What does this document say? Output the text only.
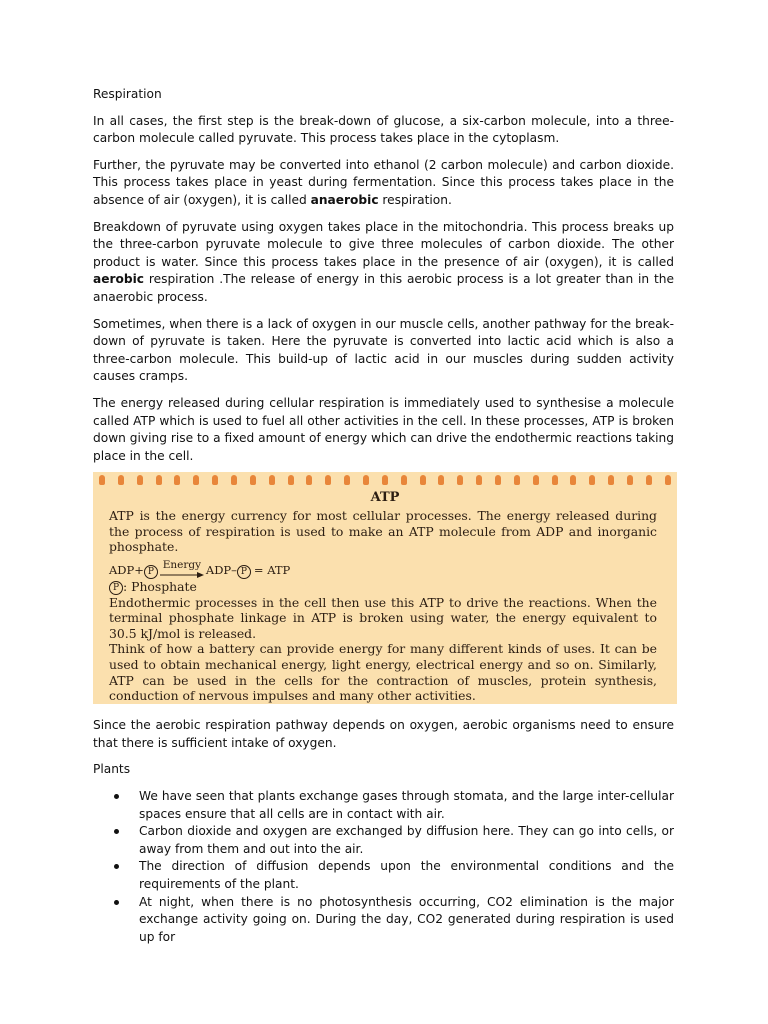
Respiration

In all cases, the first step is the break-down of glucose, a six-carbon molecule, into a three-carbon molecule called pyruvate. This process takes place in the cytoplasm.

Further, the pyruvate may be converted into ethanol (2 carbon molecule) and carbon dioxide. This process takes place in yeast during fermentation. Since this process takes place in the absence of air (oxygen), it is called anaerobic respiration.

Breakdown of pyruvate using oxygen takes place in the mitochondria. This process breaks up the three-carbon pyruvate molecule to give three molecules of carbon dioxide. The other product is water. Since this process takes place in the presence of air (oxygen), it is called aerobic respiration .The release of energy in this aerobic process is a lot greater than in the anaerobic process.

Sometimes, when there is a lack of oxygen in our muscle cells, another pathway for the break-down of pyruvate is taken. Here the pyruvate is converted into lactic acid which is also a three-carbon molecule. This build-up of lactic acid in our muscles during sudden activity causes cramps.

The energy released during cellular respiration is immediately used to synthesise a molecule called ATP which is used to fuel all other activities in the cell. In these processes, ATP is broken down giving rise to a fixed amount of energy which can drive the endothermic reactions taking place in the cell.

ATP
ATP is the energy currency for most cellular processes. The energy released during the process of respiration is used to make an ATP molecule from ADP and inorganic phosphate.
ADP+ P
Energy ADP– P = ATP
P : Phosphate
Endothermic processes in the cell then use this ATP to drive the reactions. When the terminal phosphate linkage in ATP is broken using water, the energy equivalent to 30.5 kJ/mol is released.
Think of how a battery can provide energy for many different kinds of uses. It can be used to obtain mechanical energy, light energy, electrical energy and so on. Similarly, ATP can be used in the cells for the contraction of muscles, protein synthesis, conduction of nervous impulses and many other activities.

Since the aerobic respiration pathway depends on oxygen, aerobic organisms need to ensure that there is sufficient intake of oxygen.

Plants

We have seen that plants exchange gases through stomata, and the large inter-cellular spaces ensure that all cells are in contact with air.
Carbon dioxide and oxygen are exchanged by diffusion here. They can go into cells, or away from them and out into the air.
The direction of diffusion depends upon the environmental conditions and the requirements of the plant.
At night, when there is no photosynthesis occurring, CO2 elimination is the major exchange activity going on. During the day, CO2 generated during respiration is used up for
